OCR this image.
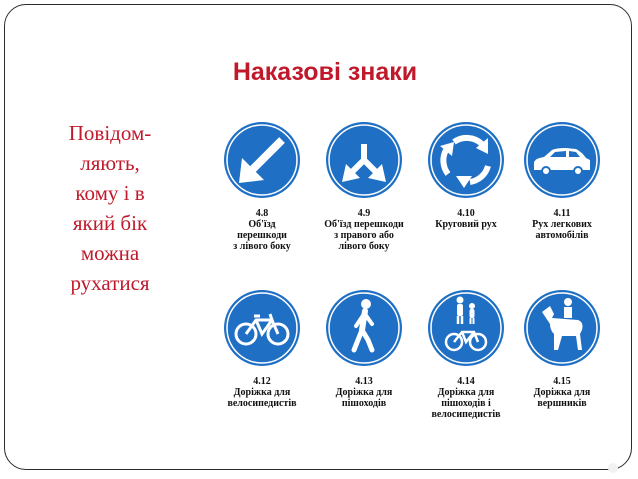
Наказові знаки
Повідом-
ляють,
кому і в
який бік
можна
рухатися
4.8
Об'їзд
перешкоди
з лівого боку
4.9
Об'їзд перешкоди
з правого або
лівого боку
4.10
Круговий рух
4.11
Рух легкових
автомобілів
4.12
Доріжка для
велосипедистів
4.13
Доріжка для
пішоходів
4.14
Доріжка для
пішоходів і
велосипедистів
4.15
Доріжка для
вершників
